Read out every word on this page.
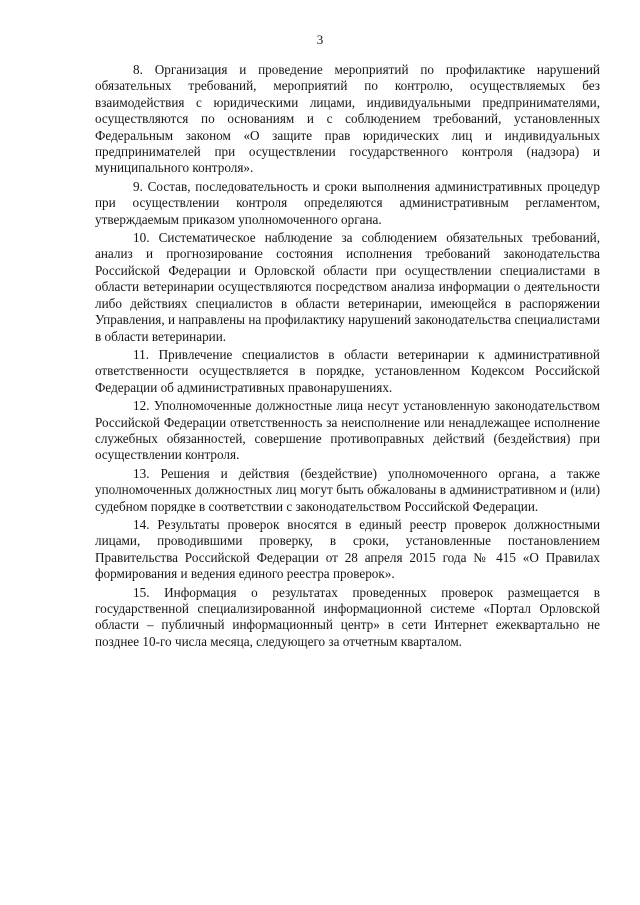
3

8. Организация и проведение мероприятий по профилактике нарушений обязательных требований, мероприятий по контролю, осуществляемых без взаимодействия с юридическими лицами, индивидуальными предпринимателями, осуществляются по основаниям и с соблюдением требований, установленных Федеральным законом «О защите прав юридических лиц и индивидуальных предпринимателей при осуществлении государственного контроля (надзора) и муниципального контроля».

9. Состав, последовательность и сроки выполнения административных процедур при осуществлении контроля определяются административным регламентом, утверждаемым приказом уполномоченного органа.

10. Систематическое наблюдение за соблюдением обязательных требований, анализ и прогнозирование состояния исполнения требований законодательства Российской Федерации и Орловской области при осуществлении специалистами в области ветеринарии осуществляются посредством анализа информации о деятельности либо действиях специалистов в области ветеринарии, имеющейся в распоряжении Управления, и направлены на профилактику нарушений законодательства специалистами в области ветеринарии.

11. Привлечение специалистов в области ветеринарии к административной ответственности осуществляется в порядке, установленном Кодексом Российской Федерации об административных правонарушениях.

12. Уполномоченные должностные лица несут установленную законодательством Российской Федерации ответственность за неисполнение или ненадлежащее исполнение служебных обязанностей, совершение противоправных действий (бездействия) при осуществлении контроля.

13. Решения и действия (бездействие) уполномоченного органа, а также уполномоченных должностных лиц могут быть обжалованы в административном и (или) судебном порядке в соответствии с законодательством Российской Федерации.

14. Результаты проверок вносятся в единый реестр проверок должностными лицами, проводившими проверку, в сроки, установленные постановлением Правительства Российской Федерации от 28 апреля 2015 года № 415 «О Правилах формирования и ведения единого реестра проверок».

15. Информация о результатах проведенных проверок размещается в государственной специализированной информационной системе «Портал Орловской области – публичный информационный центр» в сети Интернет ежеквартально не позднее 10-го числа месяца, следующего за отчетным кварталом.
